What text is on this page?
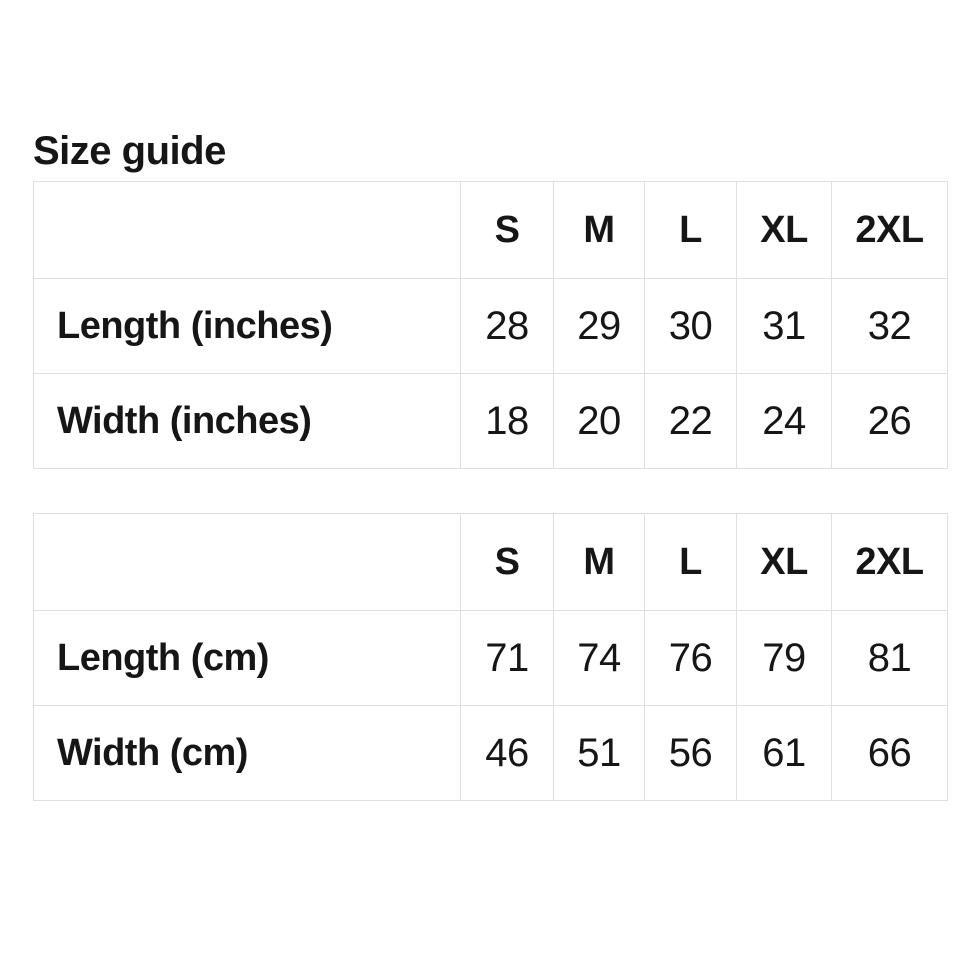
Size guide
	S	M	L	XL	2XL
Length (inches)	28	29	30	31	32
Width (inches)	18	20	22	24	26
	S	M	L	XL	2XL
Length (cm)	71	74	76	79	81
Width (cm)	46	51	56	61	66
